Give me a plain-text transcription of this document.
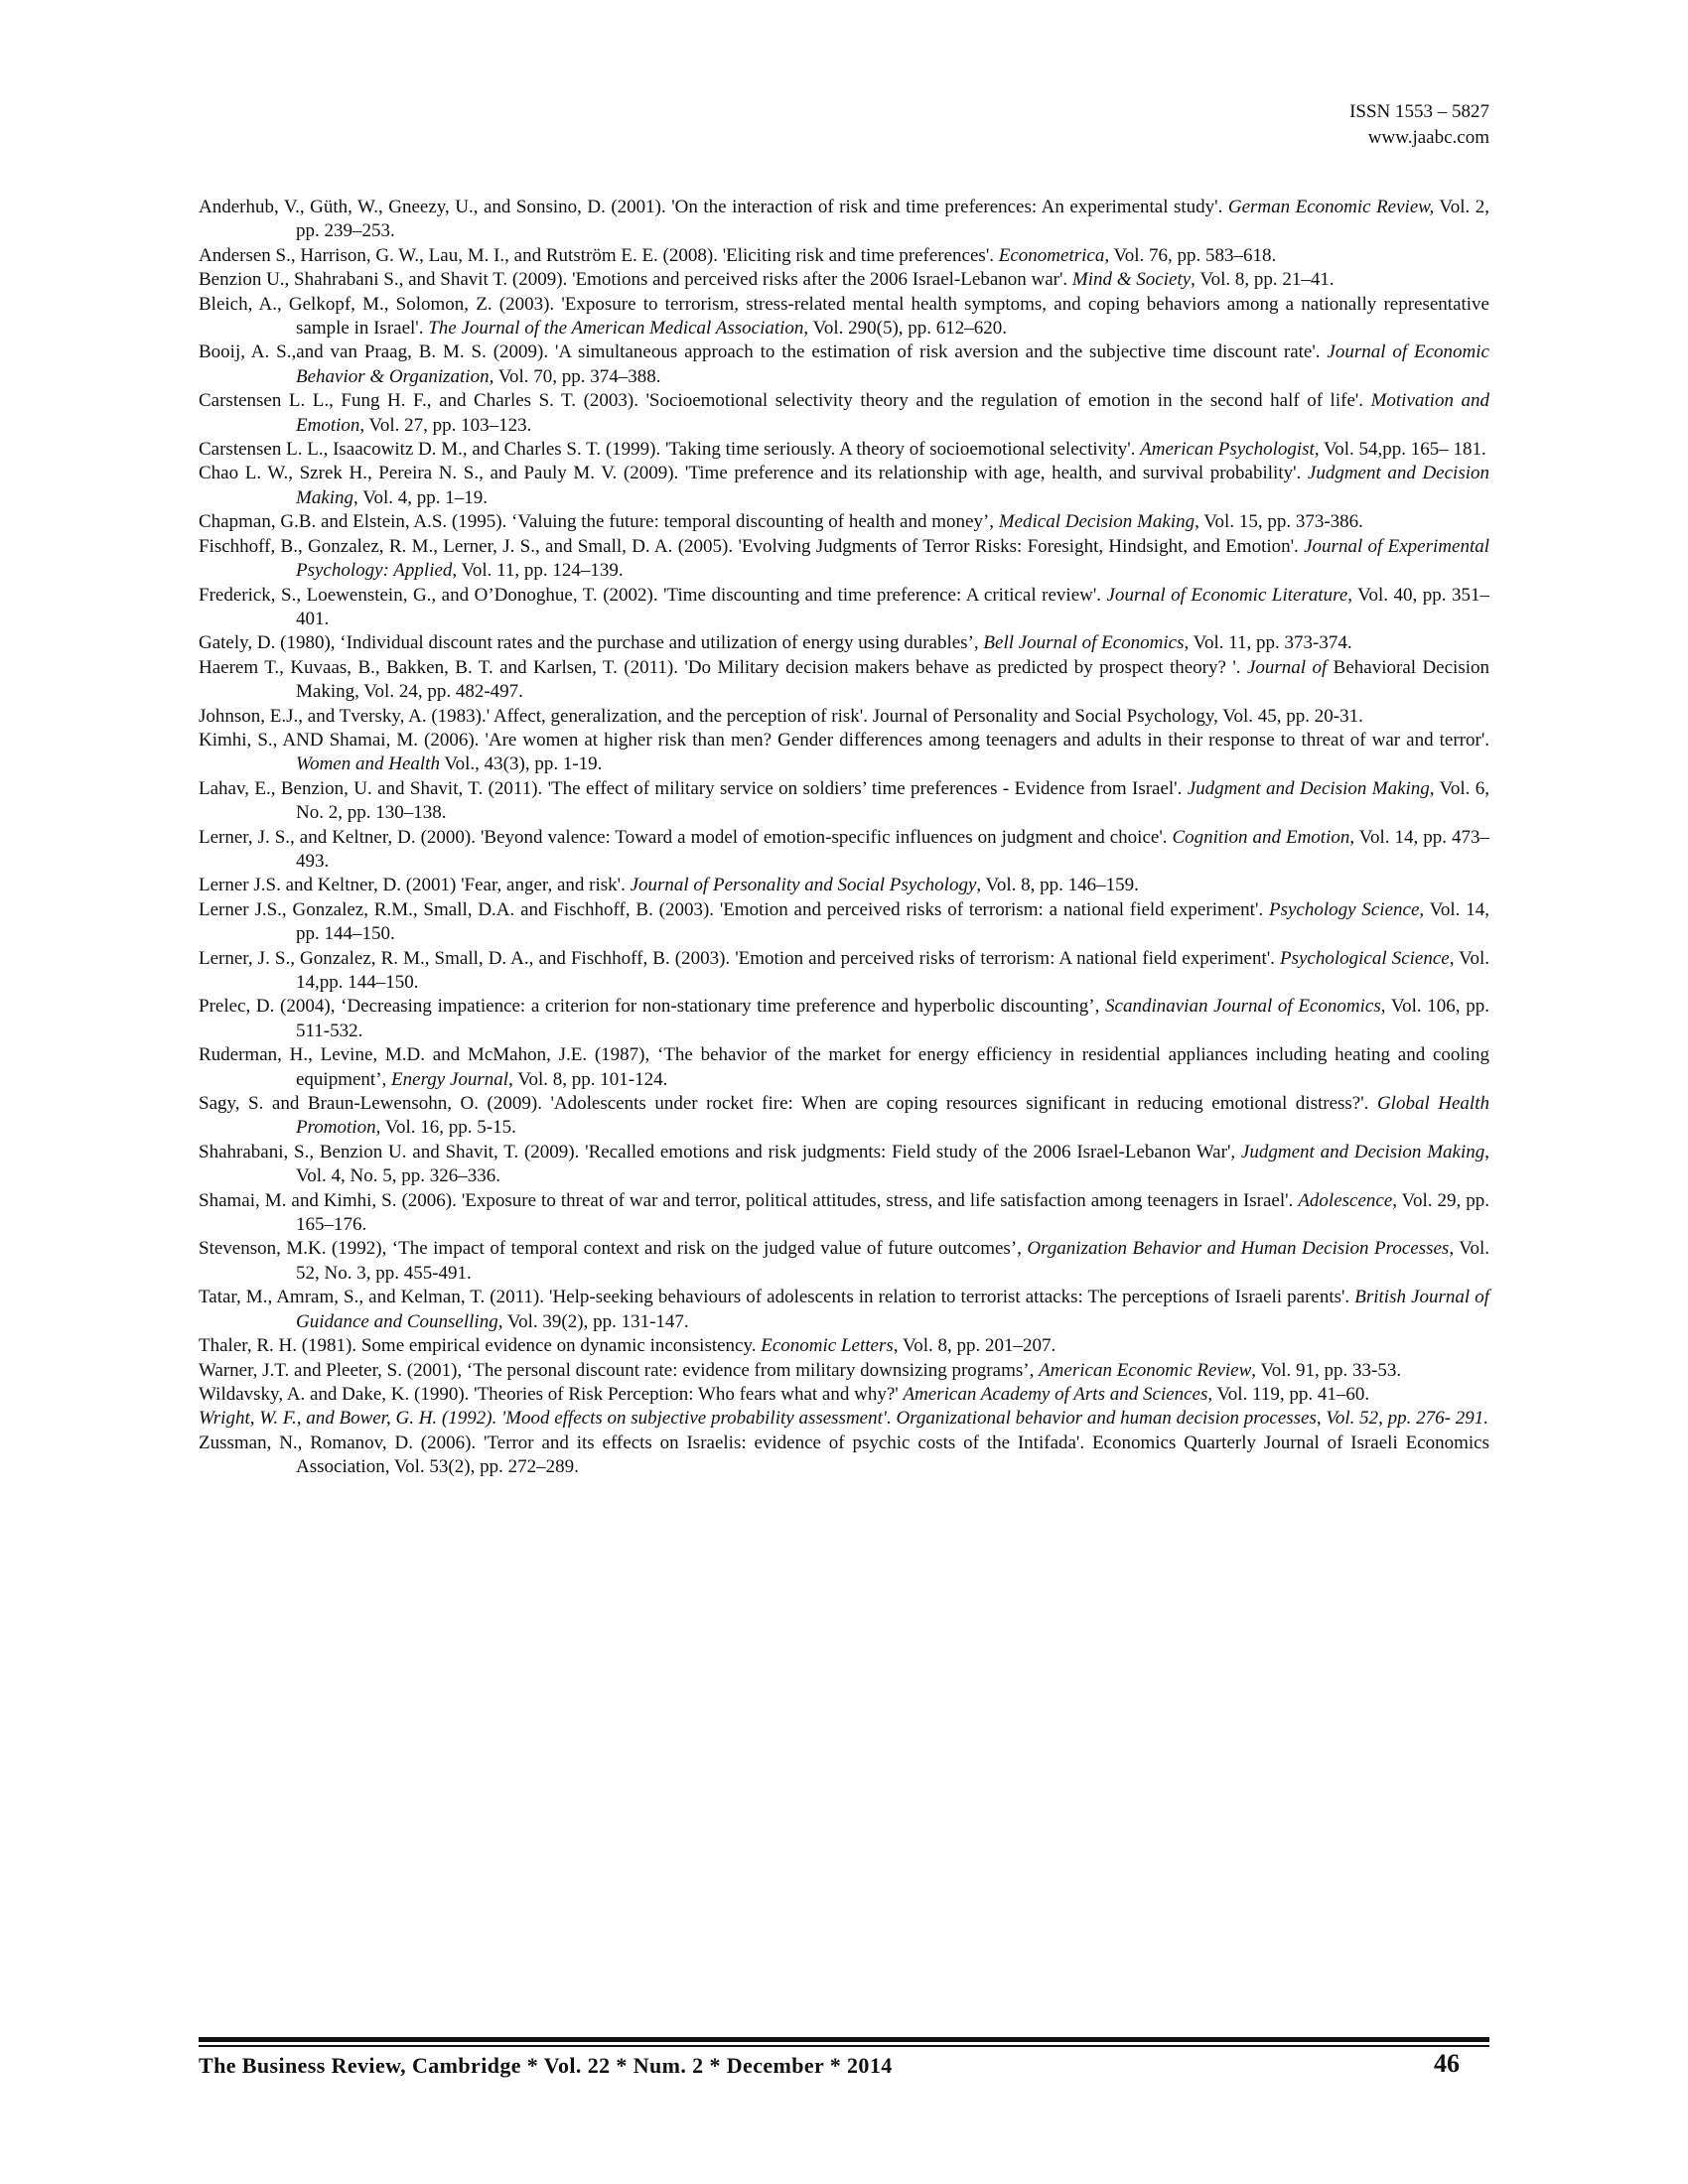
ISSN 1553 – 5827
www.jaabc.com
Anderhub, V., Güth, W., Gneezy, U., and Sonsino, D. (2001). 'On the interaction of risk and time preferences: An experimental study'. German Economic Review, Vol. 2, pp. 239–253.
Andersen S., Harrison, G. W., Lau, M. I., and Rutström E. E. (2008). 'Eliciting risk and time preferences'. Econometrica, Vol. 76, pp. 583–618.
Benzion U., Shahrabani S., and Shavit T. (2009). 'Emotions and perceived risks after the 2006 Israel-Lebanon war'. Mind & Society, Vol. 8, pp. 21–41.
Bleich, A., Gelkopf, M., Solomon, Z. (2003). 'Exposure to terrorism, stress-related mental health symptoms, and coping behaviors among a nationally representative sample in Israel'. The Journal of the American Medical Association, Vol. 290(5), pp. 612–620.
Booij, A. S.,and van Praag, B. M. S. (2009). 'A simultaneous approach to the estimation of risk aversion and the subjective time discount rate'. Journal of Economic Behavior & Organization, Vol. 70, pp. 374–388.
Carstensen L. L., Fung H. F., and Charles S. T. (2003). 'Socioemotional selectivity theory and the regulation of emotion in the second half of life'. Motivation and Emotion, Vol. 27, pp. 103–123.
Carstensen L. L., Isaacowitz D. M., and Charles S. T. (1999). 'Taking time seriously. A theory of socioemotional selectivity'. American Psychologist, Vol. 54,pp. 165– 181.
Chao L. W., Szrek H., Pereira N. S., and Pauly M. V. (2009). 'Time preference and its relationship with age, health, and survival probability'. Judgment and Decision Making, Vol. 4, pp. 1–19.
Chapman, G.B. and Elstein, A.S. (1995). ‘Valuing the future: temporal discounting of health and money’, Medical Decision Making, Vol. 15, pp. 373-386.
Fischhoff, B., Gonzalez, R. M., Lerner, J. S., and Small, D. A. (2005). 'Evolving Judgments of Terror Risks: Foresight, Hindsight, and Emotion'. Journal of Experimental Psychology: Applied, Vol. 11, pp. 124–139.
Frederick, S., Loewenstein, G., and O’Donoghue, T. (2002). 'Time discounting and time preference: A critical review'. Journal of Economic Literature, Vol. 40, pp. 351– 401.
Gately, D. (1980), ‘Individual discount rates and the purchase and utilization of energy using durables’, Bell Journal of Economics, Vol. 11, pp. 373-374.
Haerem T., Kuvaas, B., Bakken, B. T. and Karlsen, T. (2011). 'Do Military decision makers behave as predicted by prospect theory? '. Journal of Behavioral Decision Making, Vol. 24, pp. 482-497.
Johnson, E.J., and Tversky, A. (1983).' Affect, generalization, and the perception of risk'. Journal of Personality and Social Psychology, Vol. 45, pp. 20-31.
Kimhi, S., AND Shamai, M. (2006). 'Are women at higher risk than men? Gender differences among teenagers and adults in their response to threat of war and terror'. Women and Health Vol., 43(3), pp. 1-19.
Lahav, E., Benzion, U. and Shavit, T. (2011). 'The effect of military service on soldiers’ time preferences - Evidence from Israel'. Judgment and Decision Making, Vol. 6, No. 2, pp. 130–138.
Lerner, J. S., and Keltner, D. (2000). 'Beyond valence: Toward a model of emotion-specific influences on judgment and choice'. Cognition and Emotion, Vol. 14, pp. 473–493.
Lerner J.S. and Keltner, D. (2001) 'Fear, anger, and risk'. Journal of Personality and Social Psychology, Vol. 8, pp. 146–159.
Lerner J.S., Gonzalez, R.M., Small, D.A. and Fischhoff, B. (2003). 'Emotion and perceived risks of terrorism: a national field experiment'. Psychology Science, Vol. 14, pp. 144–150.
Lerner, J. S., Gonzalez, R. M., Small, D. A., and Fischhoff, B. (2003). 'Emotion and perceived risks of terrorism: A national field experiment'. Psychological Science, Vol. 14,pp. 144–150.
Prelec, D. (2004), ‘Decreasing impatience: a criterion for non-stationary time preference and hyperbolic discounting’, Scandinavian Journal of Economics, Vol. 106, pp. 511-532.
Ruderman, H., Levine, M.D. and McMahon, J.E. (1987), ‘The behavior of the market for energy efficiency in residential appliances including heating and cooling equipment’, Energy Journal, Vol. 8, pp. 101-124.
Sagy, S. and Braun-Lewensohn, O. (2009). 'Adolescents under rocket fire: When are coping resources significant in reducing emotional distress?'. Global Health Promotion, Vol. 16, pp. 5-15.
Shahrabani, S., Benzion U. and Shavit, T. (2009). 'Recalled emotions and risk judgments: Field study of the 2006 Israel-Lebanon War', Judgment and Decision Making, Vol. 4, No. 5, pp. 326–336.
Shamai, M. and Kimhi, S. (2006). 'Exposure to threat of war and terror, political attitudes, stress, and life satisfaction among teenagers in Israel'. Adolescence, Vol. 29, pp. 165–176.
Stevenson, M.K. (1992), ‘The impact of temporal context and risk on the judged value of future outcomes’, Organization Behavior and Human Decision Processes, Vol. 52, No. 3, pp. 455-491.
Tatar, M., Amram, S., and Kelman, T. (2011). 'Help-seeking behaviours of adolescents in relation to terrorist attacks: The perceptions of Israeli parents'. British Journal of Guidance and Counselling, Vol. 39(2), pp. 131-147.
Thaler, R. H. (1981). Some empirical evidence on dynamic inconsistency. Economic Letters, Vol. 8, pp. 201–207.
Warner, J.T. and Pleeter, S. (2001), ‘The personal discount rate: evidence from military downsizing programs’, American Economic Review, Vol. 91, pp. 33-53.
Wildavsky, A. and Dake, K. (1990). 'Theories of Risk Perception: Who fears what and why?' American Academy of Arts and Sciences, Vol. 119, pp. 41–60.
Wright, W. F., and Bower, G. H. (1992). 'Mood effects on subjective probability assessment'. Organizational behavior and human decision processes, Vol. 52, pp. 276- 291.
Zussman, N., Romanov, D. (2006). 'Terror and its effects on Israelis: evidence of psychic costs of the Intifada'. Economics Quarterly Journal of Israeli Economics Association, Vol. 53(2), pp. 272–289.
The Business Review, Cambridge * Vol. 22 * Num. 2 * December * 2014	46
